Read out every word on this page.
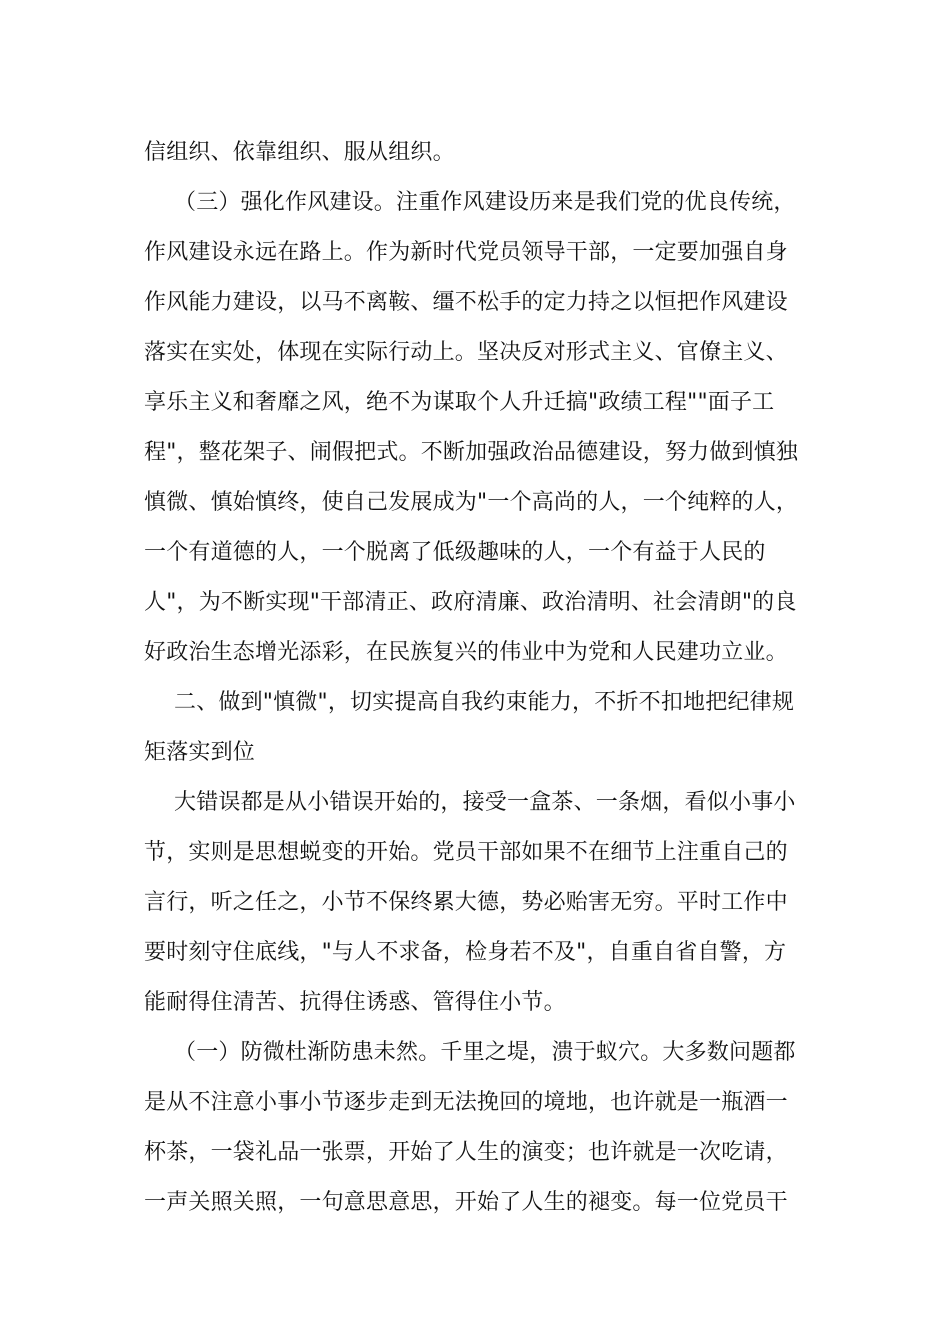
信组织、依靠组织、服从组织。
（三）强化作风建设。注重作风建设历来是我们党的优良传统，
作风建设永远在路上。作为新时代党员领导干部，一定要加强自身
作风能力建设，以马不离鞍、缰不松手的定力持之以恒把作风建设
落实在实处，体现在实际行动上。坚决反对形式主义、官僚主义、
享乐主义和奢靡之风，绝不为谋取个人升迁搞"政绩工程""面子工
程"，整花架子、闹假把式。不断加强政治品德建设，努力做到慎独
慎微、慎始慎终，使自己发展成为"一个高尚的人，一个纯粹的人，
一个有道德的人，一个脱离了低级趣味的人，一个有益于人民的
人"，为不断实现"干部清正、政府清廉、政治清明、社会清朗"的良
好政治生态增光添彩，在民族复兴的伟业中为党和人民建功立业。
二、做到"慎微"，切实提高自我约束能力，不折不扣地把纪律规
矩落实到位
大错误都是从小错误开始的，接受一盒茶、一条烟，看似小事小
节，实则是思想蜕变的开始。党员干部如果不在细节上注重自己的
言行，听之任之，小节不保终累大德，势必贻害无穷。平时工作中
要时刻守住底线，"与人不求备，检身若不及"，自重自省自警，方
能耐得住清苦、抗得住诱惑、管得住小节。
（一）防微杜渐防患未然。千里之堤，溃于蚁穴。大多数问题都
是从不注意小事小节逐步走到无法挽回的境地，也许就是一瓶酒一
杯茶，一袋礼品一张票，开始了人生的演变；也许就是一次吃请，
一声关照关照，一句意思意思，开始了人生的褪变。每一位党员干
